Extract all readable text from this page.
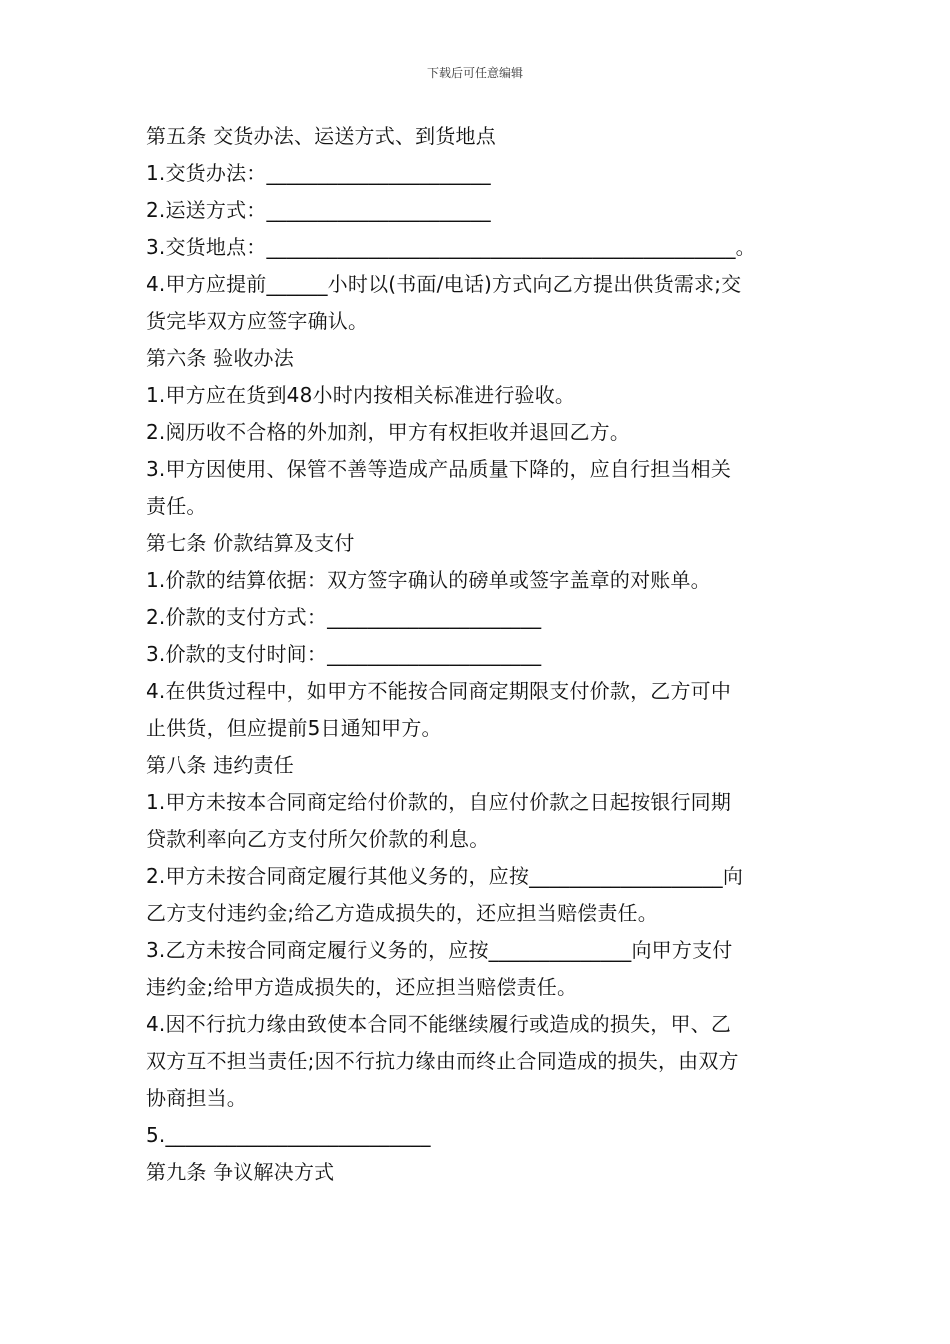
下载后可任意编辑
第五条 交货办法、运送方式、到货地点
1.交货办法：______________________
2.运送方式：______________________
3.交货地点：______________________________________________。
4.甲方应提前______小时以(书面/电话)方式向乙方提出供货需求;交
货完毕双方应签字确认。
第六条 验收办法
1.甲方应在货到48小时内按相关标准进行验收。
2.阅历收不合格的外加剂，甲方有权拒收并退回乙方。
3.甲方因使用、保管不善等造成产品质量下降的，应自行担当相关
责任。
第七条 价款结算及支付
1.价款的结算依据：双方签字确认的磅单或签字盖章的对账单。
2.价款的支付方式：_____________________
3.价款的支付时间：_____________________
4.在供货过程中，如甲方不能按合同商定期限支付价款，乙方可中
止供货，但应提前5日通知甲方。
第八条 违约责任
1.甲方未按本合同商定给付价款的，自应付价款之日起按银行同期
贷款利率向乙方支付所欠价款的利息。
2.甲方未按合同商定履行其他义务的，应按___________________向
乙方支付违约金;给乙方造成损失的，还应担当赔偿责任。
3.乙方未按合同商定履行义务的，应按______________向甲方支付
违约金;给甲方造成损失的，还应担当赔偿责任。
4.因不行抗力缘由致使本合同不能继续履行或造成的损失，甲、乙
双方互不担当责任;因不行抗力缘由而终止合同造成的损失，由双方
协商担当。
5.__________________________
第九条 争议解决方式
